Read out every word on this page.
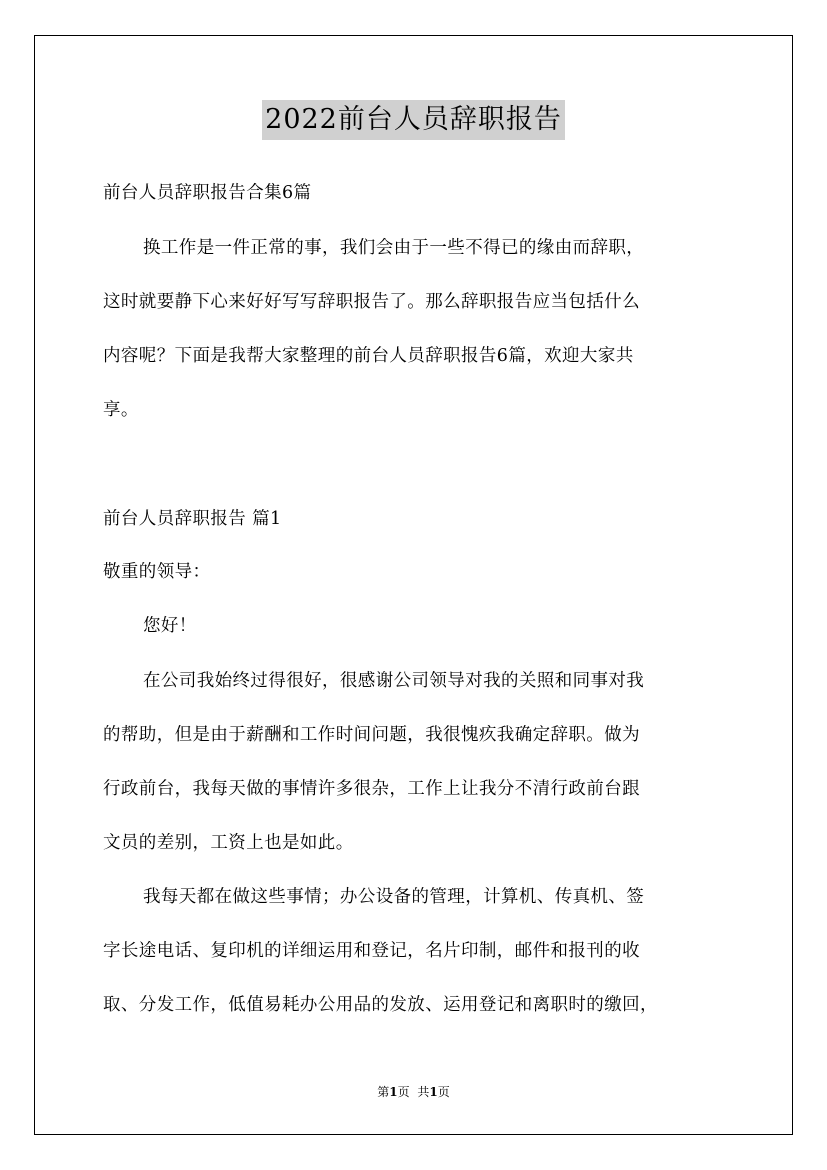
2022前台人员辞职报告
前台人员辞职报告合集6篇
换工作是一件正常的事，我们会由于一些不得已的缘由而辞职，
这时就要静下心来好好写写辞职报告了。那么辞职报告应当包括什么
内容呢？下面是我帮大家整理的前台人员辞职报告6篇，欢迎大家共
享。
前台人员辞职报告 篇1
敬重的领导：
您好！
在公司我始终过得很好，很感谢公司领导对我的关照和同事对我
的帮助，但是由于薪酬和工作时间问题，我很愧疚我确定辞职。做为
行政前台，我每天做的事情许多很杂，工作上让我分不清行政前台跟
文员的差别，工资上也是如此。
我每天都在做这些事情；办公设备的管理，计算机、传真机、签
字长途电话、复印机的详细运用和登记，名片印制，邮件和报刊的收
取、分发工作，低值易耗办公用品的发放、运用登记和离职时的缴回，
第1页 共1页
